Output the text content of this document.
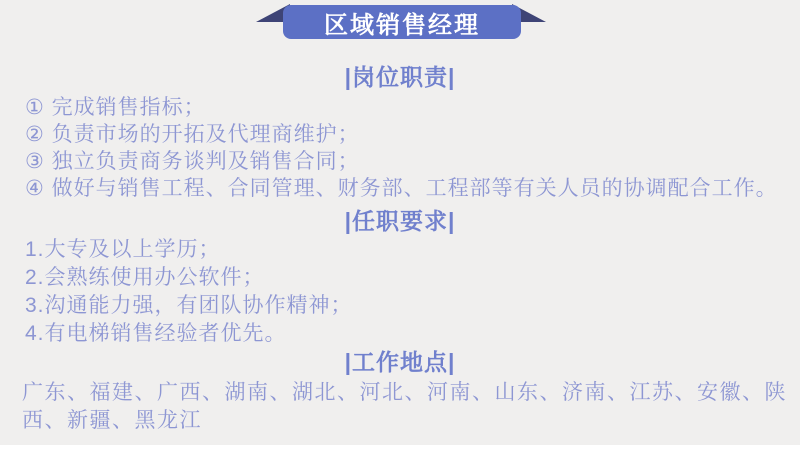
区域销售经理
|岗位职责|
① 完成销售指标；
② 负责市场的开拓及代理商维护；
③ 独立负责商务谈判及销售合同；
④ 做好与销售工程、合同管理、财务部、工程部等有关人员的协调配合工作。
|任职要求|
1.大专及以上学历；
2.会熟练使用办公软件；
3.沟通能力强，有团队协作精神；
4.有电梯销售经验者优先。
|工作地点|
广东、福建、广西、湖南、湖北、河北、河南、山东、济南、江苏、安徽、陕西、新疆、黑龙江
